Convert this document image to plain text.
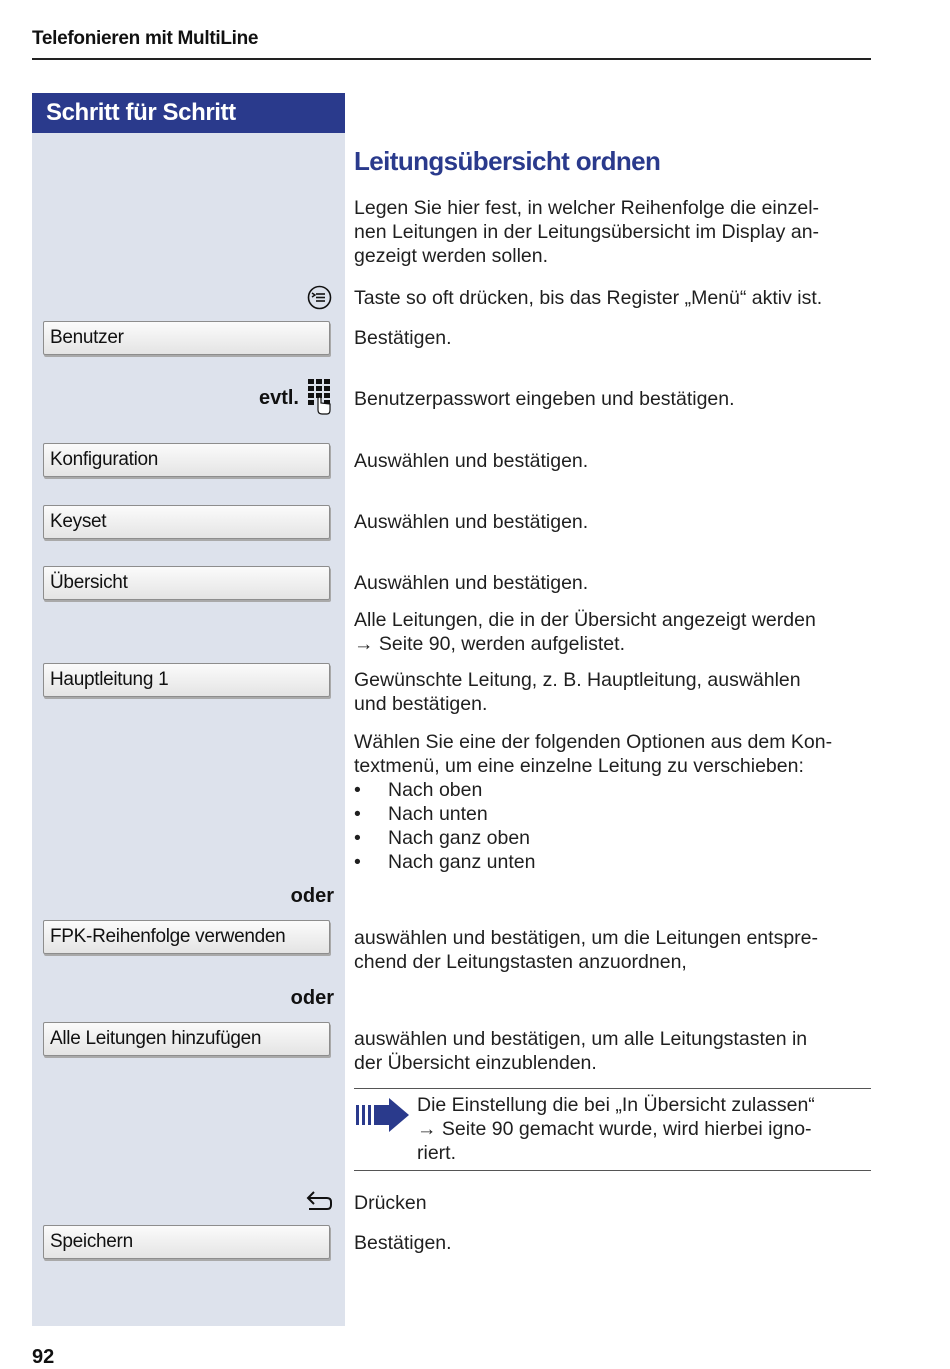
Telefonieren mit MultiLine
Schritt für Schritt
Leitungsübersicht ordnen
Legen Sie hier fest, in welcher Reihenfolge die einzel-
nen Leitungen in der Leitungsübersicht im Display an-
gezeigt werden sollen.
Taste so oft drücken, bis das Register „Menü“ aktiv ist.
Benutzer	Bestätigen.
evtl.	Benutzerpasswort eingeben und bestätigen.
Konfiguration	Auswählen und bestätigen.
Keyset	Auswählen und bestätigen.
Übersicht	Auswählen und bestätigen.
Alle Leitungen, die in der Übersicht angezeigt werden
→ Seite 90, werden aufgelistet.
Hauptleitung 1	Gewünschte Leitung, z. B. Hauptleitung, auswählen
und bestätigen.
Wählen Sie eine der folgenden Optionen aus dem Kon-
textmenü, um eine einzelne Leitung zu verschieben:
• Nach oben
• Nach unten
• Nach ganz oben
• Nach ganz unten
oder
FPK-Reihenfolge verwenden	auswählen und bestätigen, um die Leitungen entspre-
chend der Leitungstasten anzuordnen,
oder
Alle Leitungen hinzufügen	auswählen und bestätigen, um alle Leitungstasten in
der Übersicht einzublenden.
Die Einstellung die bei „In Übersicht zulassen“
→ Seite 90 gemacht wurde, wird hierbei igno-
riert.
Drücken
Speichern	Bestätigen.
92
